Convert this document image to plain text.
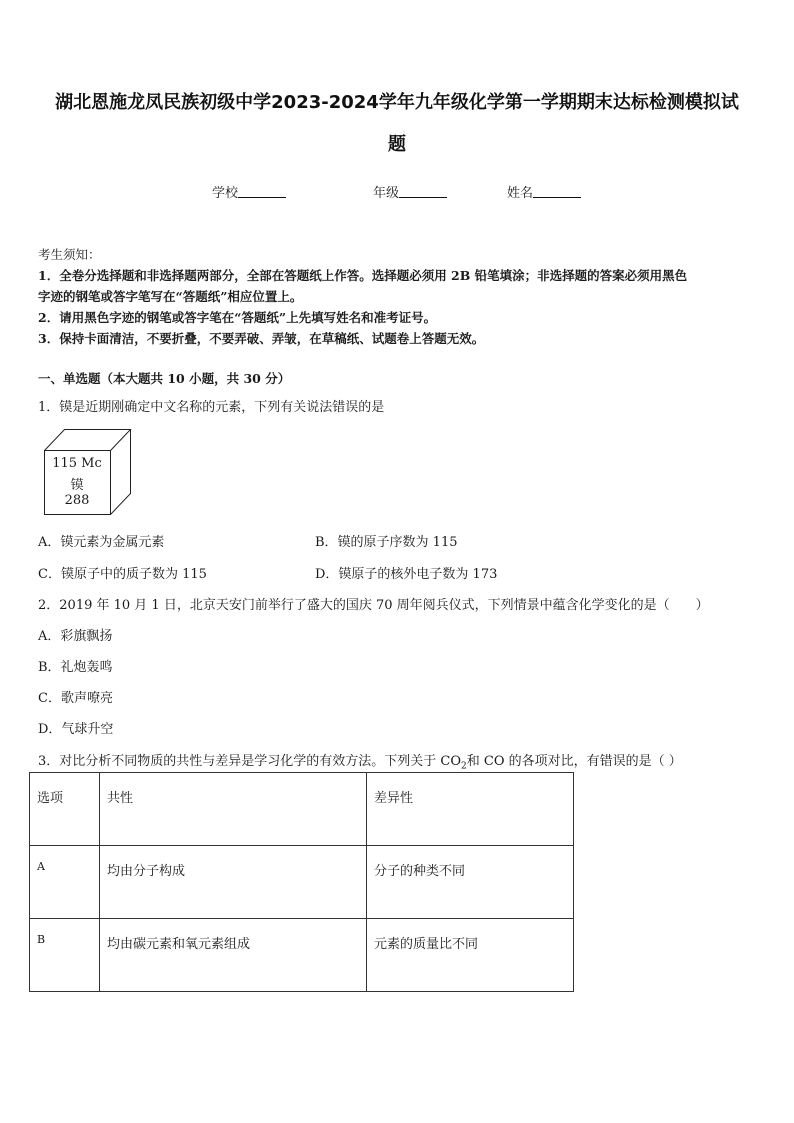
湖北恩施龙凤民族初级中学2023-2024学年九年级化学第一学期期末达标检测模拟试
题
学校	年级	姓名
考生须知：
1．全卷分选择题和非选择题两部分，全部在答题纸上作答。选择题必须用 2B 铅笔填涂；非选择题的答案必须用黑色
字迹的钢笔或答字笔写在“答题纸”相应位置上。
2．请用黑色字迹的钢笔或答字笔在“答题纸”上先填写姓名和准考证号。
3．保持卡面清洁，不要折叠，不要弄破、弄皱，在草稿纸、试题卷上答题无效。
一、单选题（本大题共 10 小题，共 30 分）
1．镆是近期刚确定中文名称的元素，下列有关说法错误的是
115 Mc
镆
288
A．镆元素为金属元素	B．镆的原子序数为 115
C．镆原子中的质子数为 115	D．镆原子的核外电子数为 173
2．2019 年 10 月 1 日，北京天安门前举行了盛大的国庆 70 周年阅兵仪式，下列情景中蕴含化学变化的是（　　）
A．彩旗飘扬
B．礼炮轰鸣
C．歌声嘹亮
D．气球升空
3．对比分析不同物质的共性与差异是学习化学的有效方法。下列关于 $CO_2$和 CO 的各项对比，有错误的是（ ）
选项	共性	差异性
A	均由分子构成	分子的种类不同
B	均由碳元素和氧元素组成	元素的质量比不同
